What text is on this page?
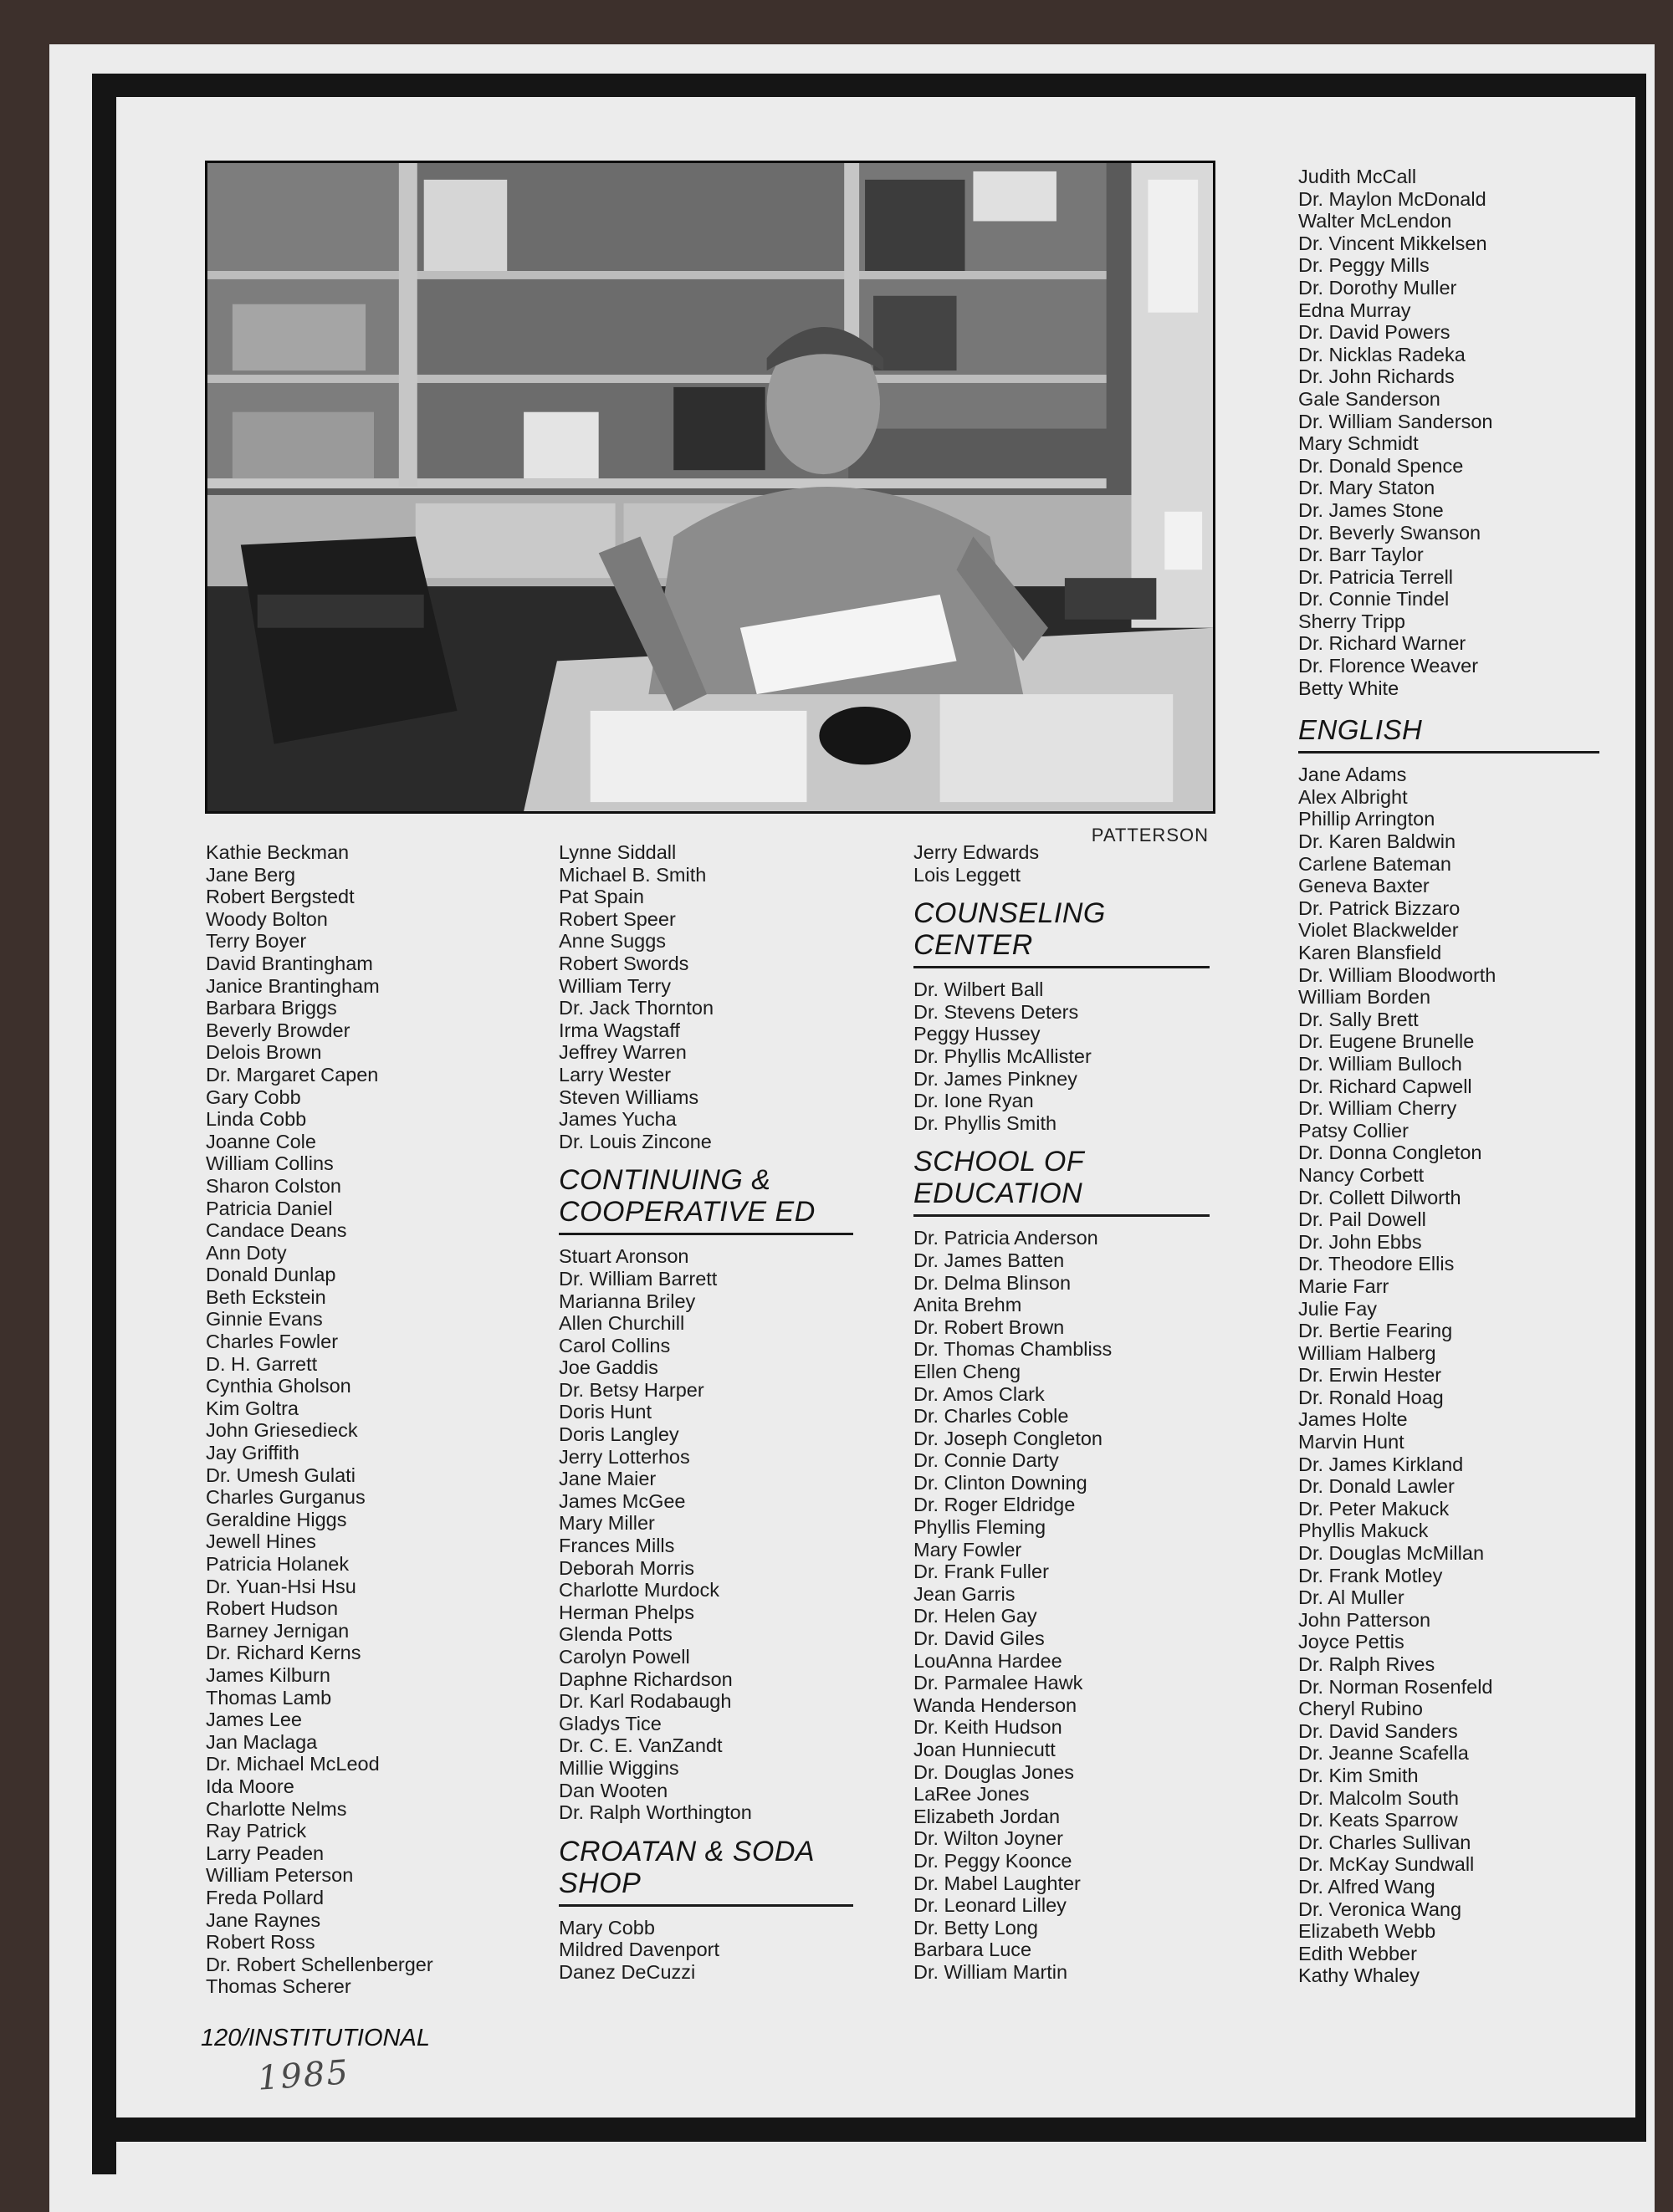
PATTERSON
Kathie Beckman
Jane Berg
Robert Bergstedt
Woody Bolton
Terry Boyer
David Brantingham
Janice Brantingham
Barbara Briggs
Beverly Browder
Delois Brown
Dr. Margaret Capen
Gary Cobb
Linda Cobb
Joanne Cole
William Collins
Sharon Colston
Patricia Daniel
Candace Deans
Ann Doty
Donald Dunlap
Beth Eckstein
Ginnie Evans
Charles Fowler
D. H. Garrett
Cynthia Gholson
Kim Goltra
John Griesedieck
Jay Griffith
Dr. Umesh Gulati
Charles Gurganus
Geraldine Higgs
Jewell Hines
Patricia Holanek
Dr. Yuan-Hsi Hsu
Robert Hudson
Barney Jernigan
Dr. Richard Kerns
James Kilburn
Thomas Lamb
James Lee
Jan Maclaga
Dr. Michael McLeod
Ida Moore
Charlotte Nelms
Ray Patrick
Larry Peaden
William Peterson
Freda Pollard
Jane Raynes
Robert Ross
Dr. Robert Schellenberger
Thomas Scherer
Lynne Siddall
Michael B. Smith
Pat Spain
Robert Speer
Anne Suggs
Robert Swords
William Terry
Dr. Jack Thornton
Irma Wagstaff
Jeffrey Warren
Larry Wester
Steven Williams
James Yucha
Dr. Louis Zincone
CONTINUING &
COOPERATIVE ED
Stuart Aronson
Dr. William Barrett
Marianna Briley
Allen Churchill
Carol Collins
Joe Gaddis
Dr. Betsy Harper
Doris Hunt
Doris Langley
Jerry Lotterhos
Jane Maier
James McGee
Mary Miller
Frances Mills
Deborah Morris
Charlotte Murdock
Herman Phelps
Glenda Potts
Carolyn Powell
Daphne Richardson
Dr. Karl Rodabaugh
Gladys Tice
Dr. C. E. VanZandt
Millie Wiggins
Dan Wooten
Dr. Ralph Worthington
CROATAN & SODA
SHOP
Mary Cobb
Mildred Davenport
Danez DeCuzzi
Jerry Edwards
Lois Leggett
COUNSELING
CENTER
Dr. Wilbert Ball
Dr. Stevens Deters
Peggy Hussey
Dr. Phyllis McAllister
Dr. James Pinkney
Dr. Ione Ryan
Dr. Phyllis Smith
SCHOOL OF
EDUCATION
Dr. Patricia Anderson
Dr. James Batten
Dr. Delma Blinson
Anita Brehm
Dr. Robert Brown
Dr. Thomas Chambliss
Ellen Cheng
Dr. Amos Clark
Dr. Charles Coble
Dr. Joseph Congleton
Dr. Connie Darty
Dr. Clinton Downing
Dr. Roger Eldridge
Phyllis Fleming
Mary Fowler
Dr. Frank Fuller
Jean Garris
Dr. Helen Gay
Dr. David Giles
LouAnna Hardee
Dr. Parmalee Hawk
Wanda Henderson
Dr. Keith Hudson
Joan Hunniecutt
Dr. Douglas Jones
LaRee Jones
Elizabeth Jordan
Dr. Wilton Joyner
Dr. Peggy Koonce
Dr. Mabel Laughter
Dr. Leonard Lilley
Dr. Betty Long
Barbara Luce
Dr. William Martin
Judith McCall
Dr. Maylon McDonald
Walter McLendon
Dr. Vincent Mikkelsen
Dr. Peggy Mills
Dr. Dorothy Muller
Edna Murray
Dr. David Powers
Dr. Nicklas Radeka
Dr. John Richards
Gale Sanderson
Dr. William Sanderson
Mary Schmidt
Dr. Donald Spence
Dr. Mary Staton
Dr. James Stone
Dr. Beverly Swanson
Dr. Barr Taylor
Dr. Patricia Terrell
Dr. Connie Tindel
Sherry Tripp
Dr. Richard Warner
Dr. Florence Weaver
Betty White
ENGLISH
Jane Adams
Alex Albright
Phillip Arrington
Dr. Karen Baldwin
Carlene Bateman
Geneva Baxter
Dr. Patrick Bizzaro
Violet Blackwelder
Karen Blansfield
Dr. William Bloodworth
William Borden
Dr. Sally Brett
Dr. Eugene Brunelle
Dr. William Bulloch
Dr. Richard Capwell
Dr. William Cherry
Patsy Collier
Dr. Donna Congleton
Nancy Corbett
Dr. Collett Dilworth
Dr. Pail Dowell
Dr. John Ebbs
Dr. Theodore Ellis
Marie Farr
Julie Fay
Dr. Bertie Fearing
William Halberg
Dr. Erwin Hester
Dr. Ronald Hoag
James Holte
Marvin Hunt
Dr. James Kirkland
Dr. Donald Lawler
Dr. Peter Makuck
Phyllis Makuck
Dr. Douglas McMillan
Dr. Frank Motley
Dr. Al Muller
John Patterson
Joyce Pettis
Dr. Ralph Rives
Dr. Norman Rosenfeld
Cheryl Rubino
Dr. David Sanders
Dr. Jeanne Scafella
Dr. Kim Smith
Dr. Malcolm South
Dr. Keats Sparrow
Dr. Charles Sullivan
Dr. McKay Sundwall
Dr. Alfred Wang
Dr. Veronica Wang
Elizabeth Webb
Edith Webber
Kathy Whaley
120/INSTITUTIONAL
1985
